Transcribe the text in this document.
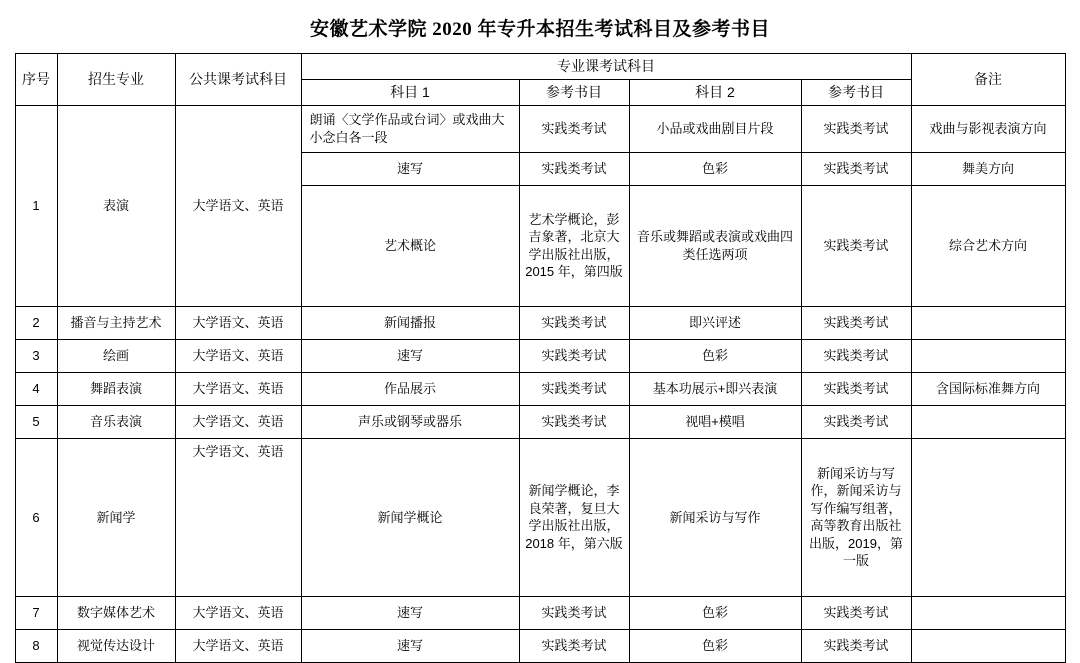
安徽艺术学院 2020 年专升本招生考试科目及参考书目
序号	招生专业	公共课考试科目	专业课考试科目				备注
			科目 1	参考书目	科目 2	参考书目	
1	表演	大学语文、英语	朗诵〈文学作品或台词〉或戏曲大小念白各一段	实践类考试	小品或戏曲剧目片段	实践类考试	戏曲与影视表演方向
			速写	实践类考试	色彩	实践类考试	舞美方向
			艺术概论	艺术学概论，彭吉象著，北京大学出版社出版，2015 年，第四版	音乐或舞蹈或表演或戏曲四类任选两项	实践类考试	综合艺术方向
2	播音与主持艺术	大学语文、英语	新闻播报	实践类考试	即兴评述	实践类考试	
3	绘画	大学语文、英语	速写	实践类考试	色彩	实践类考试	
4	舞蹈表演	大学语文、英语	作品展示	实践类考试	基本功展示+即兴表演	实践类考试	含国际标准舞方向
5	音乐表演	大学语文、英语	声乐或钢琴或器乐	实践类考试	视唱+模唱	实践类考试	
6	新闻学	大学语文、英语	新闻学概论	新闻学概论，李良荣著，复旦大学出版社出版，2018 年，第六版	新闻采访与写作	新闻采访与写作，新闻采访与写作编写组著，高等教育出版社出版，2019，第一版	
7	数字媒体艺术	大学语文、英语	速写	实践类考试	色彩	实践类考试	
8	视觉传达设计	大学语文、英语	速写	实践类考试	色彩	实践类考试	
